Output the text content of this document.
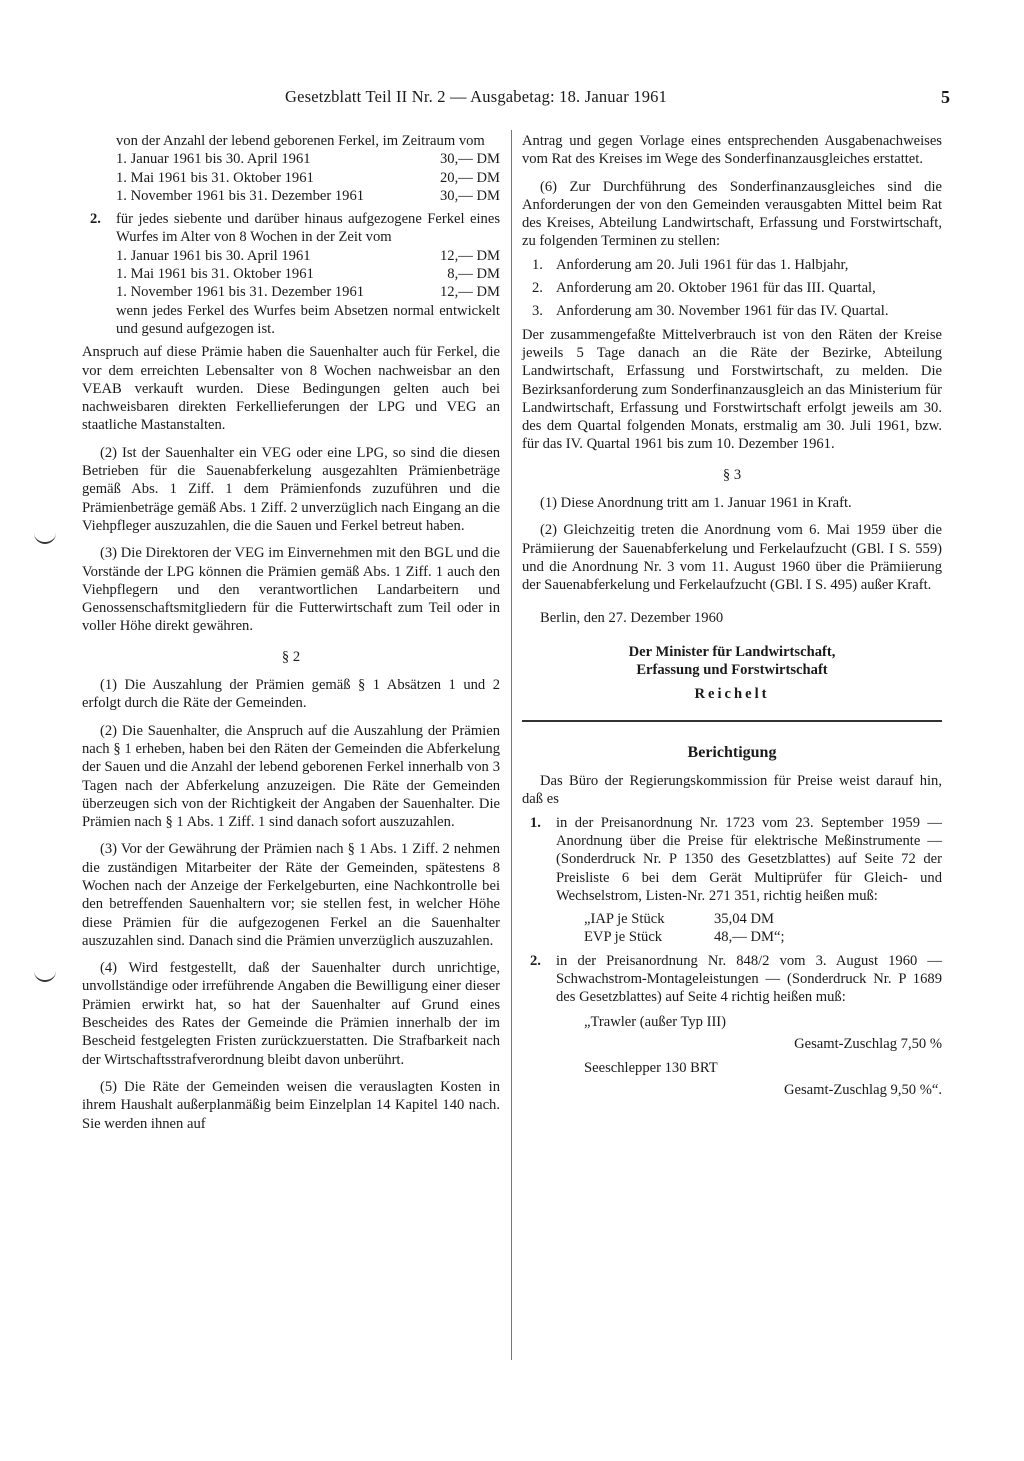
Gesetzblatt Teil II Nr. 2 — Ausgabetag: 18. Januar 1961	5

von der Anzahl der lebend geborenen Ferkel, im Zeitraum vom

1. Januar 1961 bis 30. April 1961	30,— DM
1. Mai 1961 bis 31. Oktober 1961	20,— DM
1. November 1961 bis 31. Dezember 1961	30,— DM
2. für jedes siebente und darüber hinaus aufgezogene Ferkel eines Wurfes im Alter von 8 Wochen in der Zeit vom
1. Januar 1961 bis 30. April 1961	12,— DM
1. Mai 1961 bis 31. Oktober 1961	8,— DM
1. November 1961 bis 31. Dezember 1961	12,— DM

wenn jedes Ferkel des Wurfes beim Absetzen normal entwickelt und gesund aufgezogen ist.

Anspruch auf diese Prämie haben die Sauenhalter auch für Ferkel, die vor dem erreichten Lebensalter von 8 Wochen nachweisbar an den VEAB verkauft wurden. Diese Bedingungen gelten auch bei nachweisbaren direkten Ferkellieferungen der LPG und VEG an staatliche Mastanstalten.

(2) Ist der Sauenhalter ein VEG oder eine LPG, so sind die diesen Betrieben für die Sauenabferkelung ausgezahlten Prämienbeträge gemäß Abs. 1 Ziff. 1 dem Prämienfonds zuzuführen und die Prämienbeträge gemäß Abs. 1 Ziff. 2 unverzüglich nach Eingang an die Viehpfleger auszuzahlen, die die Sauen und Ferkel betreut haben.

(3) Die Direktoren der VEG im Einvernehmen mit den BGL und die Vorstände der LPG können die Prämien gemäß Abs. 1 Ziff. 1 auch den Viehpflegern und den verantwortlichen Landarbeitern und Genossenschaftsmitgliedern für die Futterwirtschaft zum Teil oder in voller Höhe direkt gewähren.

§ 2

(1) Die Auszahlung der Prämien gemäß § 1 Absätzen 1 und 2 erfolgt durch die Räte der Gemeinden.

(2) Die Sauenhalter, die Anspruch auf die Auszahlung der Prämien nach § 1 erheben, haben bei den Räten der Gemeinden die Abferkelung der Sauen und die Anzahl der lebend geborenen Ferkel innerhalb von 3 Tagen nach der Abferkelung anzuzeigen. Die Räte der Gemeinden überzeugen sich von der Richtigkeit der Angaben der Sauenhalter. Die Prämien nach § 1 Abs. 1 Ziff. 1 sind danach sofort auszuzahlen.

(3) Vor der Gewährung der Prämien nach § 1 Abs. 1 Ziff. 2 nehmen die zuständigen Mitarbeiter der Räte der Gemeinden, spätestens 8 Wochen nach der Anzeige der Ferkelgeburten, eine Nachkontrolle bei den betreffenden Sauenhaltern vor; sie stellen fest, in welcher Höhe diese Prämien für die aufgezogenen Ferkel an die Sauenhalter auszuzahlen sind. Danach sind die Prämien unverzüglich auszuzahlen.

(4) Wird festgestellt, daß der Sauenhalter durch unrichtige, unvollständige oder irreführende Angaben die Bewilligung einer dieser Prämien erwirkt hat, so hat der Sauenhalter auf Grund eines Bescheides des Rates der Gemeinde die Prämien innerhalb der im Bescheid festgelegten Fristen zurückzuerstatten. Die Strafbarkeit nach der Wirtschaftsstrafverordnung bleibt davon unberührt.

(5) Die Räte der Gemeinden weisen die verauslagten Kosten in ihrem Haushalt außerplanmäßig beim Einzelplan 14 Kapitel 140 nach. Sie werden ihnen auf

Antrag und gegen Vorlage eines entsprechenden Ausgabenachweises vom Rat des Kreises im Wege des Sonderfinanzausgleiches erstattet.

(6) Zur Durchführung des Sonderfinanzausgleiches sind die Anforderungen der von den Gemeinden verausgabten Mittel beim Rat des Kreises, Abteilung Landwirtschaft, Erfassung und Forstwirtschaft, zu folgenden Terminen zu stellen:

1. Anforderung am 20. Juli 1961 für das 1. Halbjahr,
2. Anforderung am 20. Oktober 1961 für das III. Quartal,
3. Anforderung am 30. November 1961 für das IV. Quartal.

Der zusammengefaßte Mittelverbrauch ist von den Räten der Kreise jeweils 5 Tage danach an die Räte der Bezirke, Abteilung Landwirtschaft, Erfassung und Forstwirtschaft, zu melden. Die Bezirksanforderung zum Sonderfinanzausgleich an das Ministerium für Landwirtschaft, Erfassung und Forstwirtschaft erfolgt jeweils am 30. des dem Quartal folgenden Monats, erstmalig am 30. Juli 1961, bzw. für das IV. Quartal 1961 bis zum 10. Dezember 1961.

§ 3

(1) Diese Anordnung tritt am 1. Januar 1961 in Kraft.

(2) Gleichzeitig treten die Anordnung vom 6. Mai 1959 über die Prämiierung der Sauenabferkelung und Ferkelaufzucht (GBl. I S. 559) und die Anordnung Nr. 3 vom 11. August 1960 über die Prämiierung der Sauenabferkelung und Ferkelaufzucht (GBl. I S. 495) außer Kraft.

Berlin, den 27. Dezember 1960

Der Minister für Landwirtschaft,
Erfassung und Forstwirtschaft
Reichelt
Berichtigung

Das Büro der Regierungskommission für Preise weist darauf hin, daß es

1. in der Preisanordnung Nr. 1723 vom 23. September 1959 — Anordnung über die Preise für elektrische Meßinstrumente — (Sonderdruck Nr. P 1350 des Gesetzblattes) auf Seite 72 der Preisliste 6 bei dem Gerät Multiprüfer für Gleich- und Wechselstrom, Listen-Nr. 271 351, richtig heißen muß:
„IAP je Stück	35,04 DM
EVP je Stück	48,— DM“;
2. in der Preisanordnung Nr. 848/2 vom 3. August 1960 — Schwachstrom-Montageleistungen — (Sonderdruck Nr. P 1689 des Gesetzblattes) auf Seite 4 richtig heißen muß:
„Trawler (außer Typ III)
Gesamt-Zuschlag 7,50 %
Seeschlepper 130 BRT
Gesamt-Zuschlag 9,50 %“.
